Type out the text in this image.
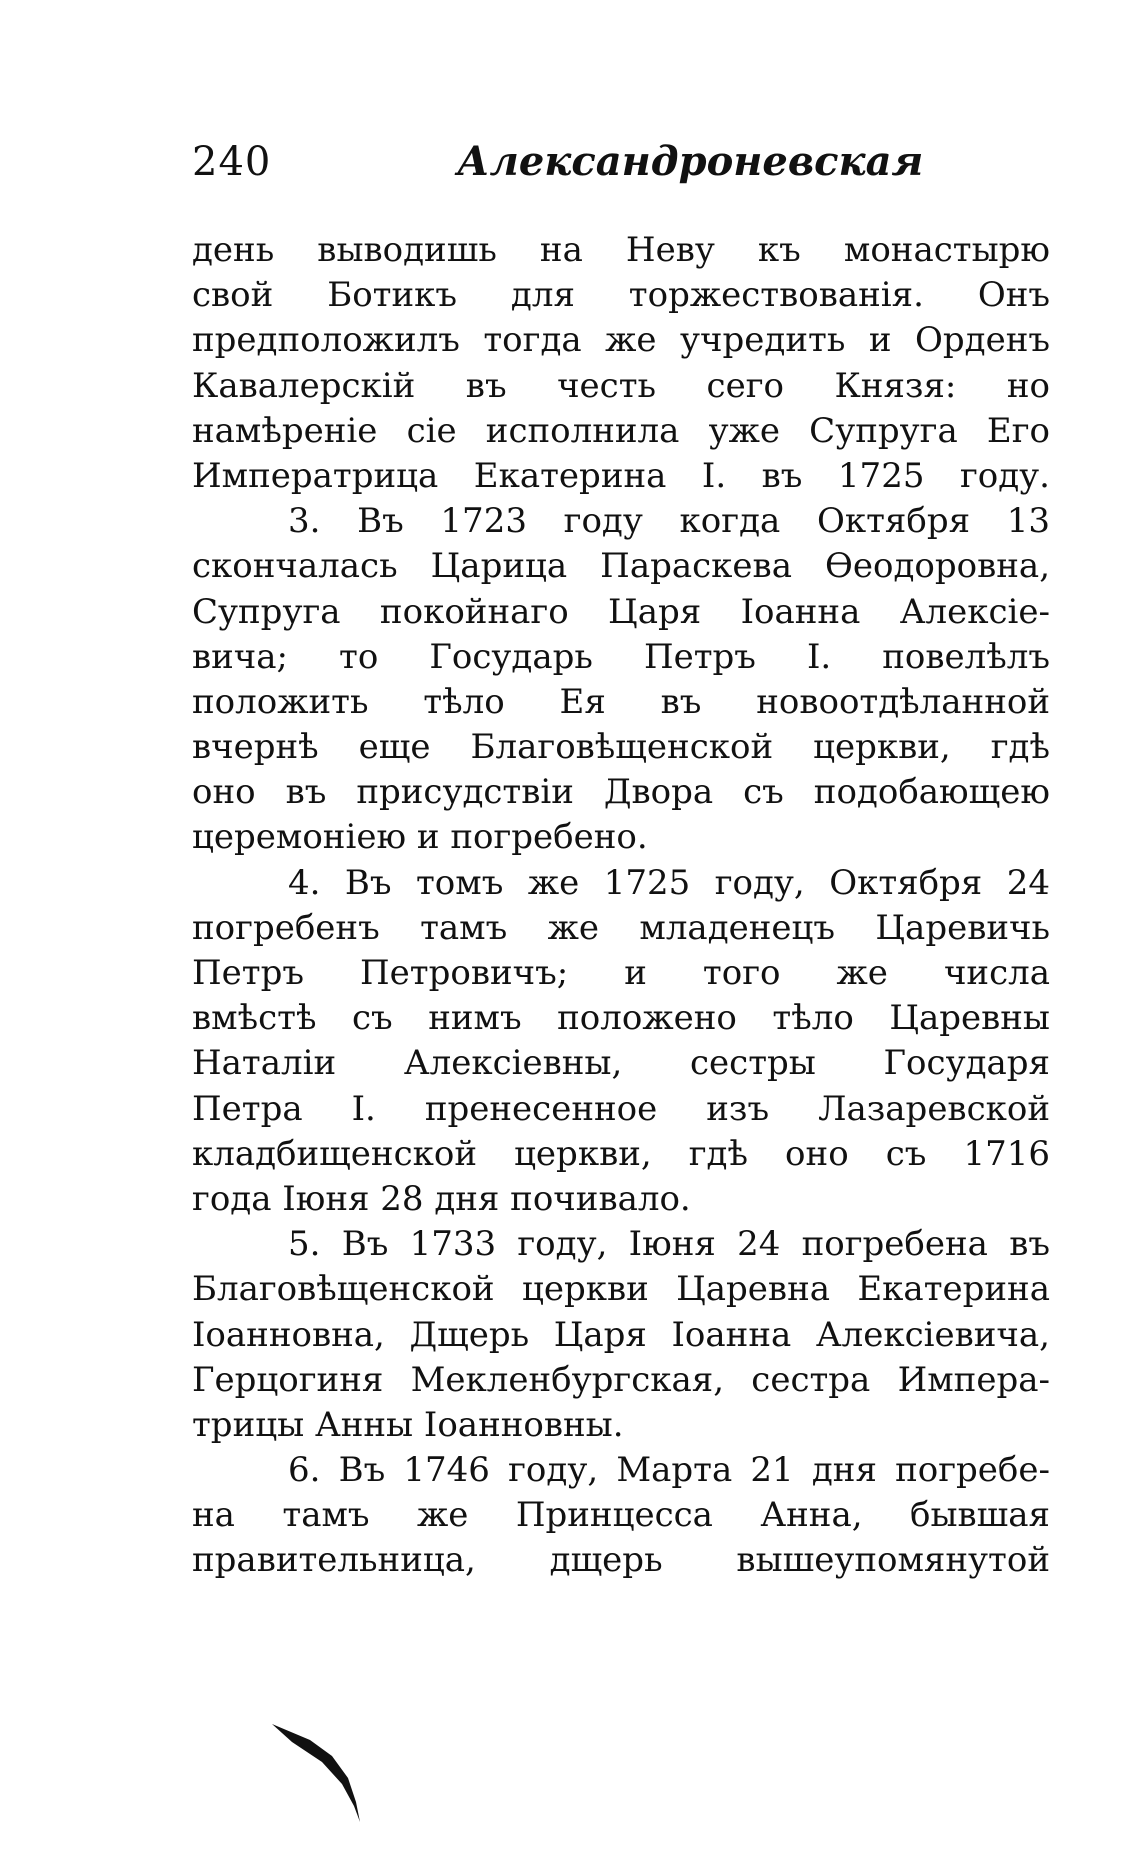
240	Александроневская
день выводишь на Неву къ монастырю
свой Ботикъ для торжествованія. Онъ
предположилъ тогда же учредить и Орденъ
Кавалерскій въ честь сего Князя: но
намѣреніе сіе исполнила уже Супруга Его
Императрица Екатерина I. въ 1725 году.
3. Въ 1723 году когда Октября 13
скончалась Царица Параскева Ѳеодоровна,
Супруга покойнаго Царя Іоанна Алексіе-
вича; то Государь Петръ I. повелѣлъ
положить тѣло Ея въ новоотдѣланной
вчернѣ еще Благовѣщенской церкви, гдѣ
оно въ присудствіи Двора съ подобающею
церемоніею и погребено.
4. Въ томъ же 1725 году, Октября 24
погребенъ тамъ же младенецъ Царевичь
Петръ Петровичъ; и того же числа
вмѣстѣ съ нимъ положено тѣло Царевны
Наталіи Алексіевны, сестры Государя
Петра I. пренесенное изъ Лазаревской
кладбищенской церкви, гдѣ оно съ 1716
года Іюня 28 дня почивало.
5. Въ 1733 году, Іюня 24 погребена въ
Благовѣщенской церкви Царевна Екатерина
Іоанновна, Дщерь Царя Іоанна Алексіевича,
Герцогиня Мекленбургская, сестра Импера-
трицы Анны Іоанновны.
6. Въ 1746 году, Марта 21 дня погребе-
на тамъ же Принцесса Анна, бывшая
правительница, дщерь вышеупомянутой
